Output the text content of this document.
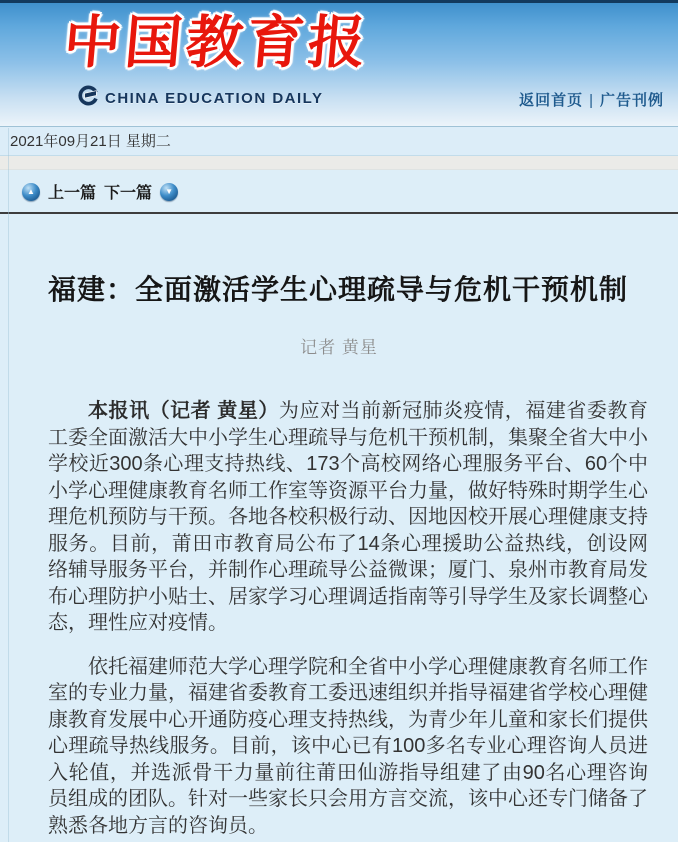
中国教育报
CHINA EDUCATION DAILY	返回首页 | 广告刊例
2021年09月21日 星期二
▲ 上一篇 下一篇	▼
福建：全面激活学生心理疏导与危机干预机制
记者 黄星

本报讯（记者 黄星）为应对当前新冠肺炎疫情，福建省委教育工委全面激活大中小学生心理疏导与危机干预机制，集聚全省大中小学校近300条心理支持热线、173个高校网络心理服务平台、60个中小学心理健康教育名师工作室等资源平台力量，做好特殊时期学生心理危机预防与干预。各地各校积极行动、因地因校开展心理健康支持服务。目前，莆田市教育局公布了14条心理援助公益热线，创设网络辅导服务平台，并制作心理疏导公益微课；厦门、泉州市教育局发布心理防护小贴士、居家学习心理调适指南等引导学生及家长调整心态，理性应对疫情。

依托福建师范大学心理学院和全省中小学心理健康教育名师工作室的专业力量，福建省委教育工委迅速组织并指导福建省学校心理健康教育发展中心开通防疫心理支持热线，为青少年儿童和家长们提供心理疏导热线服务。目前，该中心已有100多名专业心理咨询人员进入轮值，并选派骨干力量前往莆田仙游指导组建了由90名心理咨询员组成的团队。针对一些家长只会用方言交流，该中心还专门储备了熟悉各地方言的咨询员。
